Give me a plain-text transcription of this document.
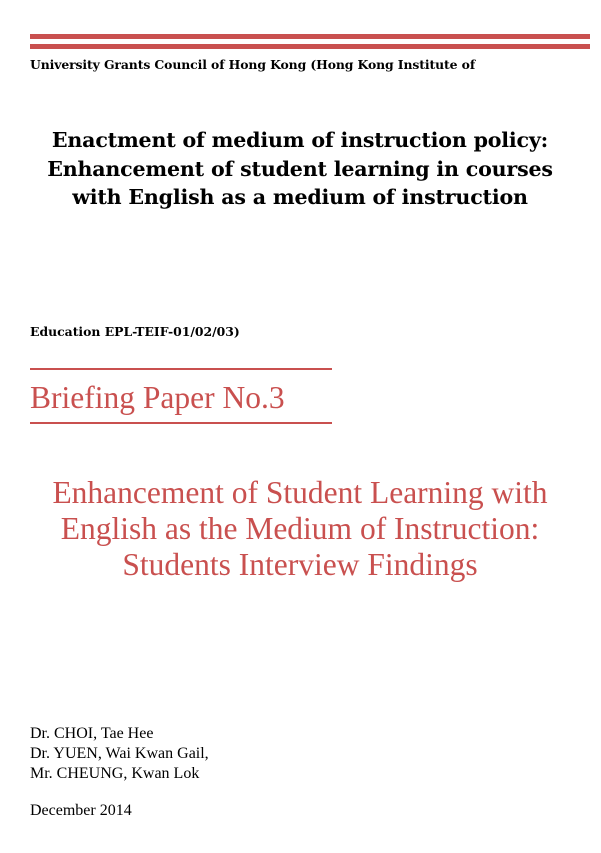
University Grants Council of Hong Kong (Hong Kong Institute of
Enactment of medium of instruction policy: Enhancement of student learning in courses with English as a medium of instruction
Education EPL-TEIF-01/02/03)
Briefing Paper No.3
Enhancement of Student Learning with English as the Medium of Instruction: Students Interview Findings
Dr. CHOI, Tae Hee
Dr. YUEN, Wai Kwan Gail,
Mr. CHEUNG, Kwan Lok
December 2014
